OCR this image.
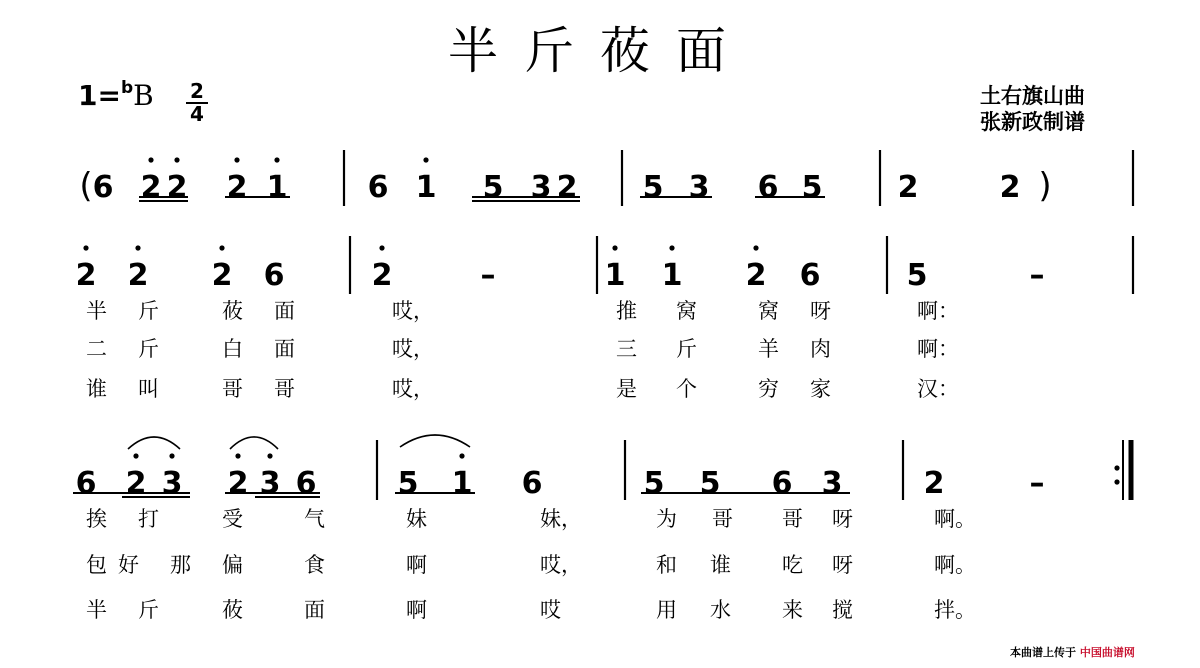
半斤莜面
1=$^b$B 2
4
土右旗山曲
张新政制谱
( 6 2 2 2 1	6 1 5 3 2 5 3 6 5	2	2 )
2 2 2 6	2	–	1 1 2 6	5	–
半 斤	莜 面	哎，	推 窝	窝 呀	啊：
二 斤	白 面	哎，	三 斤	羊 肉	啊：
谁 叫	哥 哥	哎，	是 个	穷 家	汉：
6 2 3 2 3 6	5 1 6	5 5 6 3	2	–
挨 打	受	气	妹	妹，	为 哥 哥 呀	啊。
包 好 那 偏	食	啊	哎，	和 谁 吃 呀	啊。
半 斤	莜	面	啊	哎	用 水 来 搅	拌。
本曲谱上传于 中国曲谱网
